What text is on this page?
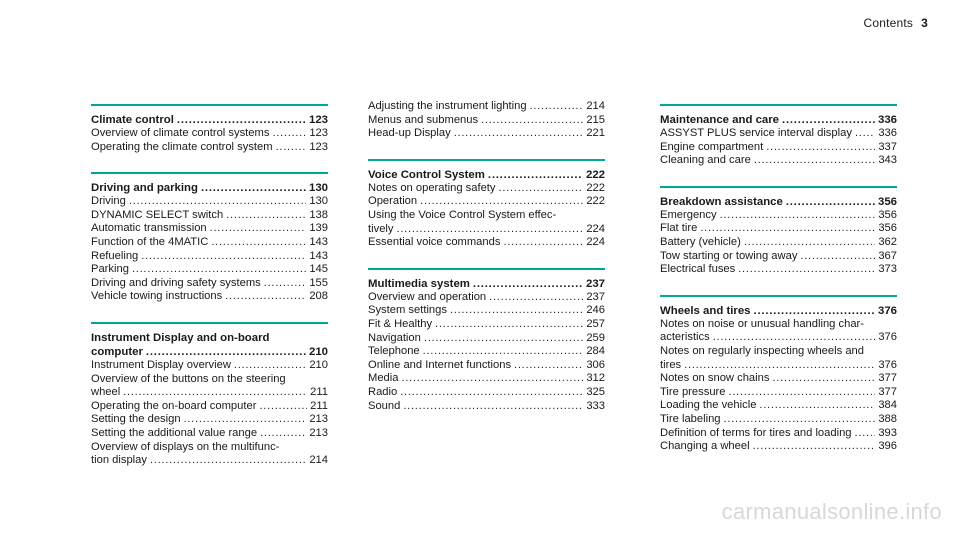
Contents 3
Climate control . . .	123
Overview of climate control systems . . .	123
Operating the climate control system . . .	123
Driving and parking . . .	130
Driving . . .	130
DYNAMIC SELECT switch . . .	138
Automatic transmission . . .	139
Function of the 4MATIC . . .	143
Refueling . . .	143
Parking . . .	145
Driving and driving safety systems . . .	155
Vehicle towing instructions . . .	208
Instrument Display and on-board
computer . . .	210
Instrument Display overview . . .	210
Overview of the buttons on the steering
wheel . . .	211
Operating the on-board computer . . .	211
Setting the design . . .	213
Setting the additional value range . . .	213
Overview of displays on the multifunc-
tion display . . .	214
Adjusting the instrument lighting . . .	214
Menus and submenus . . .	215
Head-up Display . . .	221
Voice Control System . . .	222
Notes on operating safety . . .	222
Operation . . .	222
Using the Voice Control System effec-
tively . . .	224
Essential voice commands . . .	224
Multimedia system . . .	237
Overview and operation . . .	237
System settings . . .	246
Fit & Healthy . . .	257
Navigation . . .	259
Telephone . . .	284
Online and Internet functions . . .	306
Media . . .	312
Radio . . .	325
Sound . . .	333
Maintenance and care . . .	336
ASSYST PLUS service interval display . . . 336
Engine compartment . . .	337
Cleaning and care . . .	343
Breakdown assistance . . .	356
Emergency . . .	356
Flat tire . . .	356
Battery (vehicle) . . .	362
Tow starting or towing away . . .	367
Electrical fuses . . .	373
Wheels and tires . . .	376
Notes on noise or unusual handling char-
acteristics . . .	376
Notes on regularly inspecting wheels and
tires . . .	376
Notes on snow chains . . .	377
Tire pressure . . .	377
Loading the vehicle . . .	384
Tire labeling . . .	388
Definition of terms for tires and loading . . . 393
Changing a wheel . . .	396
carmanualsonline.info
